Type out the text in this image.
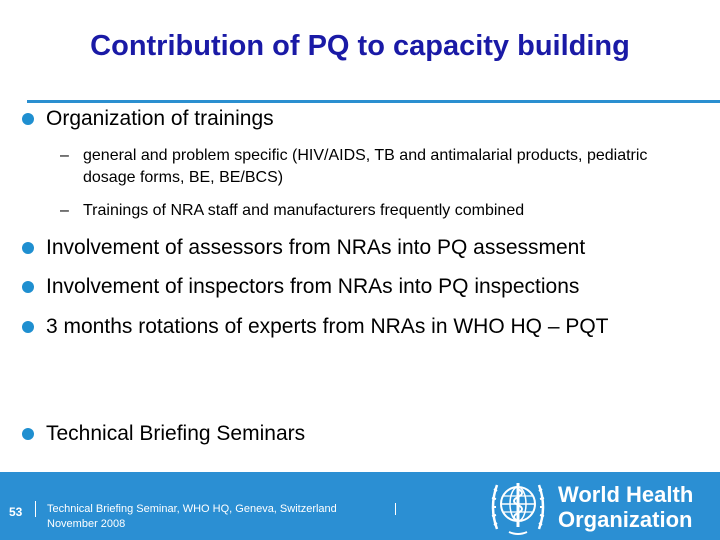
Contribution of PQ to capacity building
Organization of trainings
– general and problem specific (HIV/AIDS, TB and antimalarial products, pediatric dosage forms, BE, BE/BCS)
– Trainings of NRA staff and manufacturers frequently combined
Involvement of assessors from NRAs into PQ assessment
Involvement of inspectors from NRAs into PQ inspections
3 months rotations of experts from NRAs in WHO HQ – PQT
Technical Briefing Seminars
53 Technical Briefing Seminar, WHO HQ, Geneva, Switzerland
November 2008
World Health
Organization
